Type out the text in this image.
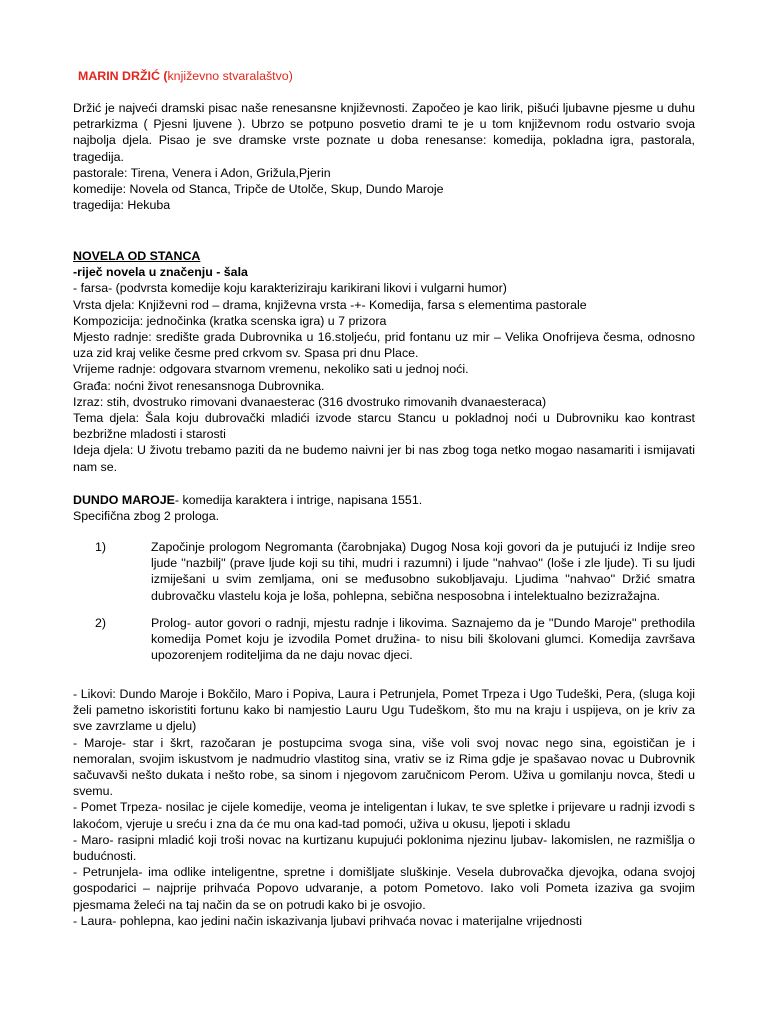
MARIN DRŽIĆ (književno stvaralaštvo)

Držić je najveći dramski pisac naše renesansne književnosti. Započeo je kao lirik, pišući ljubavne pjesme u duhu petrarkizma ( Pjesni ljuvene ). Ubrzo se potpuno posvetio drami te je u tom književnom rodu ostvario svoja najbolja djela. Pisao je sve dramske vrste poznate u doba renesanse: komedija, pokladna igra, pastorala, tragedija.

pastorale: Tirena, Venera i Adon, Grižula,Pjerin

komedije: Novela od Stanca, Tripče de Utolče, Skup, Dundo Maroje

tragedija: Hekuba

NOVELA OD STANCA

-riječ novela u značenju - šala

- farsa- (podvrsta komedije koju karakteriziraju karikirani likovi i vulgarni humor)

Vrsta djela: Književni rod – drama, književna vrsta -+- Komedija, farsa s elementima pastorale

Kompozicija: jednočinka (kratka scenska igra) u 7 prizora

Mjesto radnje: središte grada Dubrovnika u 16.stoljeću, prid fontanu uz mir – Velika Onofrijeva česma, odnosno uza zid kraj velike česme pred crkvom sv. Spasa pri dnu Place.

Vrijeme radnje: odgovara stvarnom vremenu, nekoliko sati u jednoj noći.

Građa: noćni život renesansnoga Dubrovnika.

Izraz: stih, dvostruko rimovani dvanaesterac (316 dvostruko rimovanih dvanaesteraca)

Tema djela: Šala koju dubrovački mladići izvode starcu Stancu u pokladnoj noći u Dubrovniku kao kontrast bezbrižne mladosti i starosti

Ideja djela: U životu trebamo paziti da ne budemo naivni jer bi nas zbog toga netko mogao nasamariti i ismijavati nam se.

DUNDO MAROJE- komedija karaktera i intrige, napisana 1551.

Specifična zbog 2 prologa.

1)	Započinje prologom Negromanta (čarobnjaka) Dugog Nosa koji govori da je putujući iz Indije sreo ljude ''nazbilj'' (prave ljude koji su tihi, mudri i razumni) i ljude ''nahvao'' (loše i zle ljude). Ti su ljudi izmiješani u svim zemljama, oni se međusobno sukobljavaju. Ljudima ''nahvao'' Držić smatra dubrovačku vlastelu koja je loša, pohlepna, sebična nesposobna i intelektualno bezizražajna.
2)	Prolog- autor govori o radnji, mjestu radnje i likovima. Saznajemo da je ''Dundo Maroje'' prethodila komedija Pomet koju je izvodila Pomet družina- to nisu bili školovani glumci. Komedija završava upozorenjem roditeljima da ne daju novac djeci.

- Likovi: Dundo Maroje i Bokčilo, Maro i Popiva, Laura i Petrunjela, Pomet Trpeza i Ugo Tudeški, Pera, (sluga koji želi pametno iskoristiti fortunu kako bi namjestio Lauru Ugu Tudeškom, što mu na kraju i uspijeva, on je kriv za sve zavrzlame u djelu)

- Maroje- star i škrt, razočaran je postupcima svoga sina, više voli svoj novac nego sina, egoističan je i nemoralan, svojim iskustvom je nadmudrio vlastitog sina, vrativ se iz Rima gdje je spašavao novac u Dubrovnik sačuvavši nešto dukata i nešto robe, sa sinom i njegovom zaručnicom Perom. Uživa u gomilanju novca, štedi u svemu.

- Pomet Trpeza- nosilac je cijele komedije, veoma je inteligentan i lukav, te sve spletke i prijevare u radnji izvodi s lakoćom, vjeruje u sreću i zna da će mu ona kad-tad pomoći, uživa u okusu, ljepoti i skladu

- Maro- rasipni mladić koji troši novac na kurtizanu kupujući poklonima njezinu ljubav- lakomislen, ne razmišlja o budućnosti.

- Petrunjela- ima odlike inteligentne, spretne i domišljate sluškinje. Vesela dubrovačka djevojka, odana svojoj gospodarici – najprije prihvaća Popovo udvaranje, a potom Pometovo. Iako voli Pometa izaziva ga svojim pjesmama želeći na taj način da se on potrudi kako bi je osvojio.

- Laura- pohlepna, kao jedini način iskazivanja ljubavi prihvaća novac i materijalne vrijednosti
